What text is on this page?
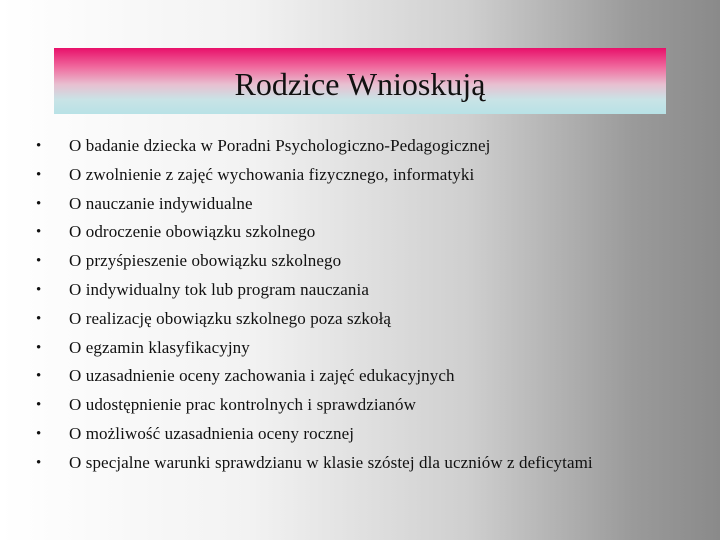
Rodzice Wnioskują
•	O badanie dziecka w Poradni Psychologiczno-Pedagogicznej
•	O zwolnienie z zajęć wychowania fizycznego, informatyki
•	O nauczanie indywidualne
•	O odroczenie obowiązku szkolnego
•	O przyśpieszenie obowiązku szkolnego
•	O indywidualny tok lub program nauczania
•	O realizację obowiązku szkolnego poza szkołą
•	O egzamin klasyfikacyjny
•	O uzasadnienie oceny zachowania i zajęć edukacyjnych
•	O udostępnienie prac kontrolnych i sprawdzianów
•	O możliwość uzasadnienia oceny rocznej
•	O specjalne warunki sprawdzianu w klasie szóstej dla uczniów z deficytami
